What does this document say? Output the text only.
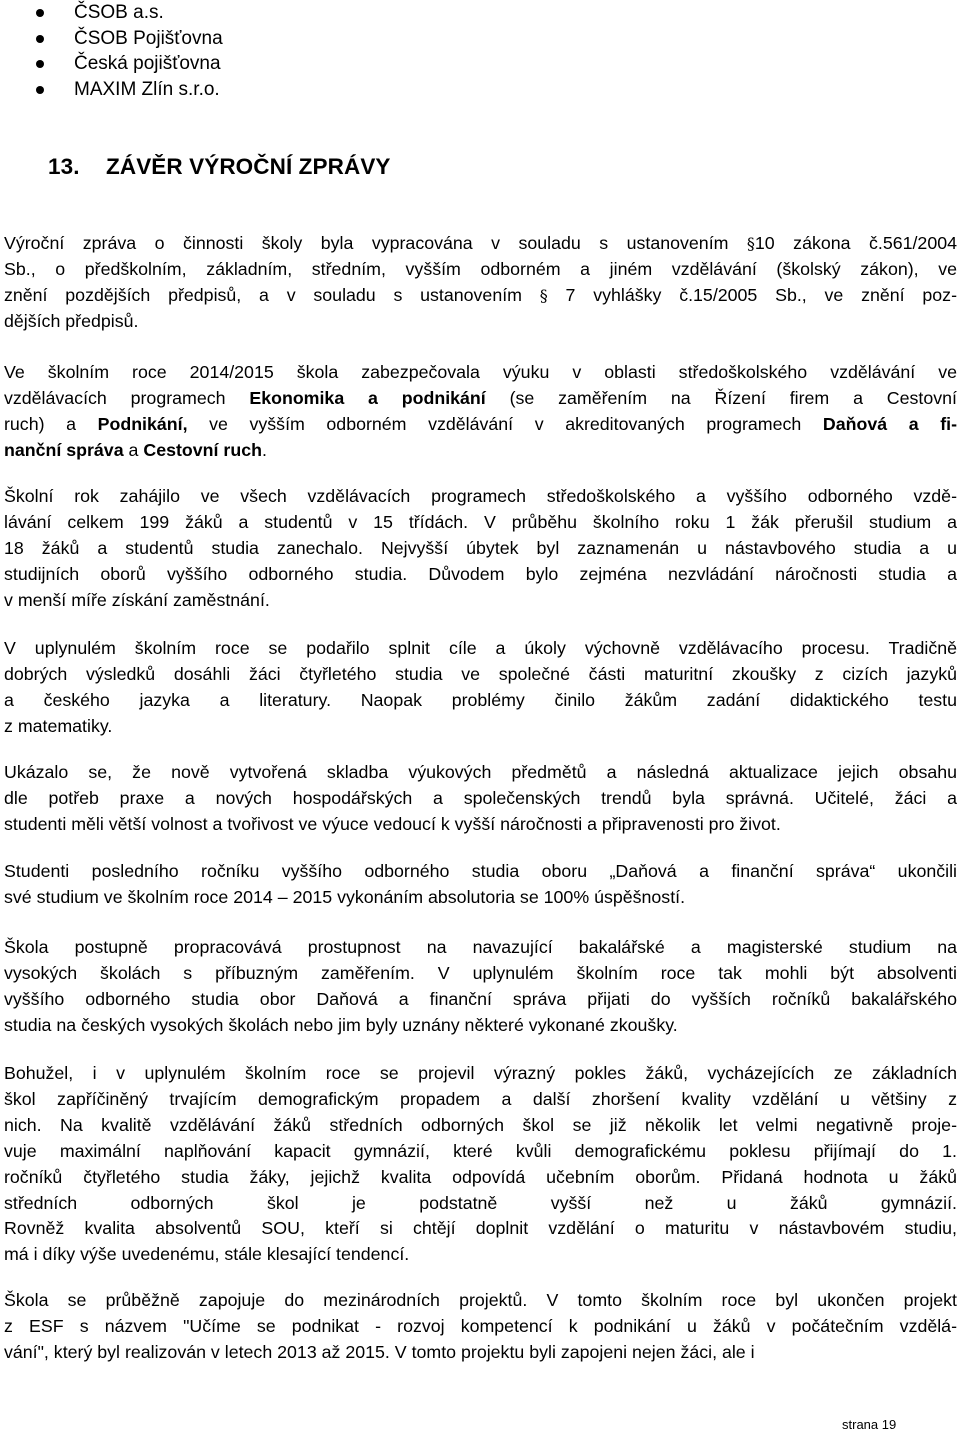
ČSOB a.s.
ČSOB Pojišťovna
Česká pojišťovna
MAXIM Zlín s.r.o.
13. ZÁVĚR VÝROČNÍ ZPRÁVY

Výroční zpráva o činnosti školy byla vypracována v souladu s ustanovením §10 zákona č.561/2004
Sb., o předškolním, základním, středním, vyšším odborném a jiném vzdělávání (školský zákon), ve
znění pozdějších předpisů, a v souladu s ustanovením § 7 vyhlášky č.15/2005 Sb., ve znění poz-
dějších předpisů.

Ve školním roce 2014/2015 škola zabezpečovala výuku v oblasti středoškolského vzdělávání ve
vzdělávacích programech Ekonomika a podnikání (se zaměřením na Řízení firem a Cestovní
ruch) a Podnikání, ve vyšším odborném vzdělávání v akreditovaných programech Daňová a fi-
nanční správa a Cestovní ruch.

Školní rok zahájilo ve všech vzdělávacích programech středoškolského a vyššího odborného vzdě-
lávání celkem 199 žáků a studentů v 15 třídách. V průběhu školního roku 1 žák přerušil studium a
18 žáků a studentů studia zanechalo. Nejvyšší úbytek byl zaznamenán u nástavbového studia a u
studijních oborů vyššího odborného studia. Důvodem bylo zejména nezvládání náročnosti studia a
v menší míře získání zaměstnání.

V uplynulém školním roce se podařilo splnit cíle a úkoly výchovně vzdělávacího procesu. Tradičně
dobrých výsledků dosáhli žáci čtyřletého studia ve společné části maturitní zkoušky z cizích jazyků
a českého jazyka a literatury. Naopak problémy činilo žákům zadání didaktického testu
z matematiky.

Ukázalo se, že nově vytvořená skladba výukových předmětů a následná aktualizace jejich obsahu
dle potřeb praxe a nových hospodářských a společenských trendů byla správná. Učitelé, žáci a
studenti měli větší volnost a tvořivost ve výuce vedoucí k vyšší náročnosti a připravenosti pro život.

Studenti posledního ročníku vyššího odborného studia oboru „Daňová a finanční správa“ ukončili
své studium ve školním roce 2014 – 2015 vykonáním absolutoria se 100% úspěšností.

Škola postupně propracovává prostupnost na navazující bakalářské a magisterské studium na
vysokých školách s příbuzným zaměřením. V uplynulém školním roce tak mohli být absolventi
vyššího odborného studia obor Daňová a finanční správa přijati do vyšších ročníků bakalářského
studia na českých vysokých školách nebo jim byly uznány některé vykonané zkoušky.

Bohužel, i v uplynulém školním roce se projevil výrazný pokles žáků, vycházejících ze základních
škol zapříčiněný trvajícím demografickým propadem a další zhoršení kvality vzdělání u většiny z
nich. Na kvalitě vzdělávání žáků středních odborných škol se již několik let velmi negativně proje-
vuje maximální naplňování kapacit gymnázií, které kvůli demografickému poklesu přijímají do 1.
ročníků čtyřletého studia žáky, jejichž kvalita odpovídá učebním oborům. Přidaná hodnota u žáků
středních odborných škol je podstatně vyšší než u žáků gymnázií.
Rovněž kvalita absolventů SOU, kteří si chtějí doplnit vzdělání o maturitu v nástavbovém studiu,
má i díky výše uvedenému, stále klesající tendencí.

Škola se průběžně zapojuje do mezinárodních projektů. V tomto školním roce byl ukončen projekt
z ESF s názvem "Učíme se podnikat - rozvoj kompetencí k podnikání u žáků v počátečním vzdělá-
vání", který byl realizován v letech 2013 až 2015. V tomto projektu byli zapojeni nejen žáci, ale i

strana 19
